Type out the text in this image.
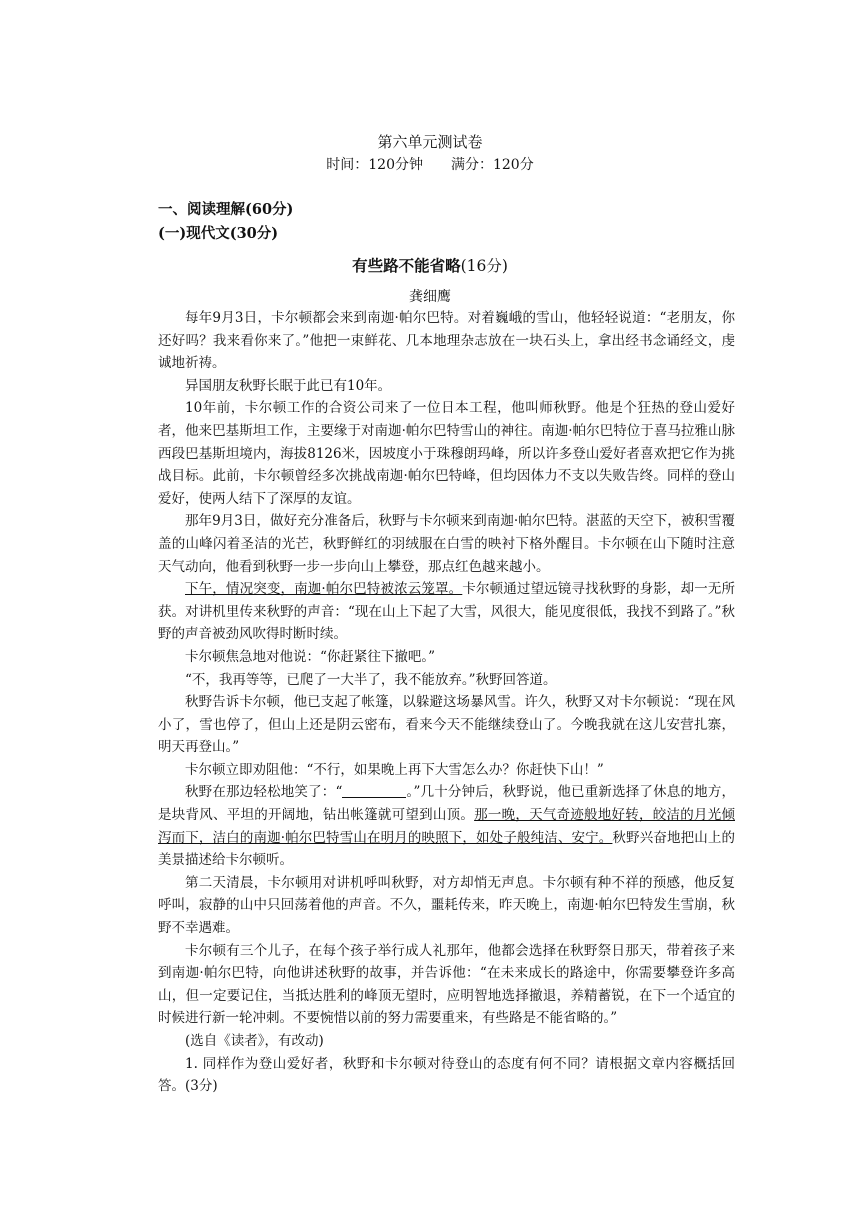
第六单元测试卷
时间：120分钟　　满分：120分
一、阅读理解(60分)
(一)现代文(30分)
有些路不能省略(16分)
龚细鹰

每年9月3日，卡尔顿都会来到南迦·帕尔巴特。对着巍峨的雪山，他轻轻说道：“老朋友，你还好吗？我来看你来了。”他把一束鲜花、几本地理杂志放在一块石头上，拿出经书念诵经文，虔诚地祈祷。

异国朋友秋野长眠于此已有10年。

10年前，卡尔顿工作的合资公司来了一位日本工程，他叫师秋野。他是个狂热的登山爱好者，他来巴基斯坦工作，主要缘于对南迦·帕尔巴特雪山的神往。南迦·帕尔巴特位于喜马拉雅山脉西段巴基斯坦境内，海拔8126米，因坡度小于珠穆朗玛峰，所以许多登山爱好者喜欢把它作为挑战目标。此前，卡尔顿曾经多次挑战南迦·帕尔巴特峰，但均因体力不支以失败告终。同样的登山爱好，使两人结下了深厚的友谊。

那年9月3日，做好充分准备后，秋野与卡尔顿来到南迦·帕尔巴特。湛蓝的天空下，被积雪覆盖的山峰闪着圣洁的光芒，秋野鲜红的羽绒服在白雪的映衬下格外醒目。卡尔顿在山下随时注意天气动向，他看到秋野一步一步向山上攀登，那点红色越来越小。

下午，情况突变，南迦·帕尔巴特被浓云笼罩。卡尔顿通过望远镜寻找秋野的身影，却一无所获。对讲机里传来秋野的声音：“现在山上下起了大雪，风很大，能见度很低，我找不到路了。”秋野的声音被劲风吹得时断时续。

卡尔顿焦急地对他说：“你赶紧往下撤吧。”

“不，我再等等，已爬了一大半了，我不能放弃。”秋野回答道。

秋野告诉卡尔顿，他已支起了帐篷，以躲避这场暴风雪。许久，秋野又对卡尔顿说：“现在风小了，雪也停了，但山上还是阴云密布，看来今天不能继续登山了。今晚我就在这儿安营扎寨，明天再登山。”

卡尔顿立即劝阻他：“不行，如果晚上再下大雪怎么办？你赶快下山！”

秋野在那边轻松地笑了：“	。”几十分钟后，秋野说，他已重新选择了休息的地方，是块背风、平坦的开阔地，钻出帐篷就可望到山顶。那一晚，天气奇迹般地好转，皎洁的月光倾泻而下，洁白的南迦·帕尔巴特雪山在明月的映照下，如处子般纯洁、安宁。秋野兴奋地把山上的美景描述给卡尔顿听。

第二天清晨，卡尔顿用对讲机呼叫秋野，对方却悄无声息。卡尔顿有种不祥的预感，他反复呼叫，寂静的山中只回荡着他的声音。不久，噩耗传来，昨天晚上，南迦·帕尔巴特发生雪崩，秋野不幸遇难。

卡尔顿有三个儿子，在每个孩子举行成人礼那年，他都会选择在秋野祭日那天，带着孩子来到南迦·帕尔巴特，向他讲述秋野的故事，并告诉他：“在未来成长的路途中，你需要攀登许多高山，但一定要记住，当抵达胜利的峰顶无望时，应明智地选择撤退，养精蓄锐，在下一个适宜的时候进行新一轮冲刺。不要惋惜以前的努力需要重来，有些路是不能省略的。”

(选自《读者》，有改动)

1. 同样作为登山爱好者，秋野和卡尔顿对待登山的态度有何不同？请根据文章内容概括回答。(3分)
